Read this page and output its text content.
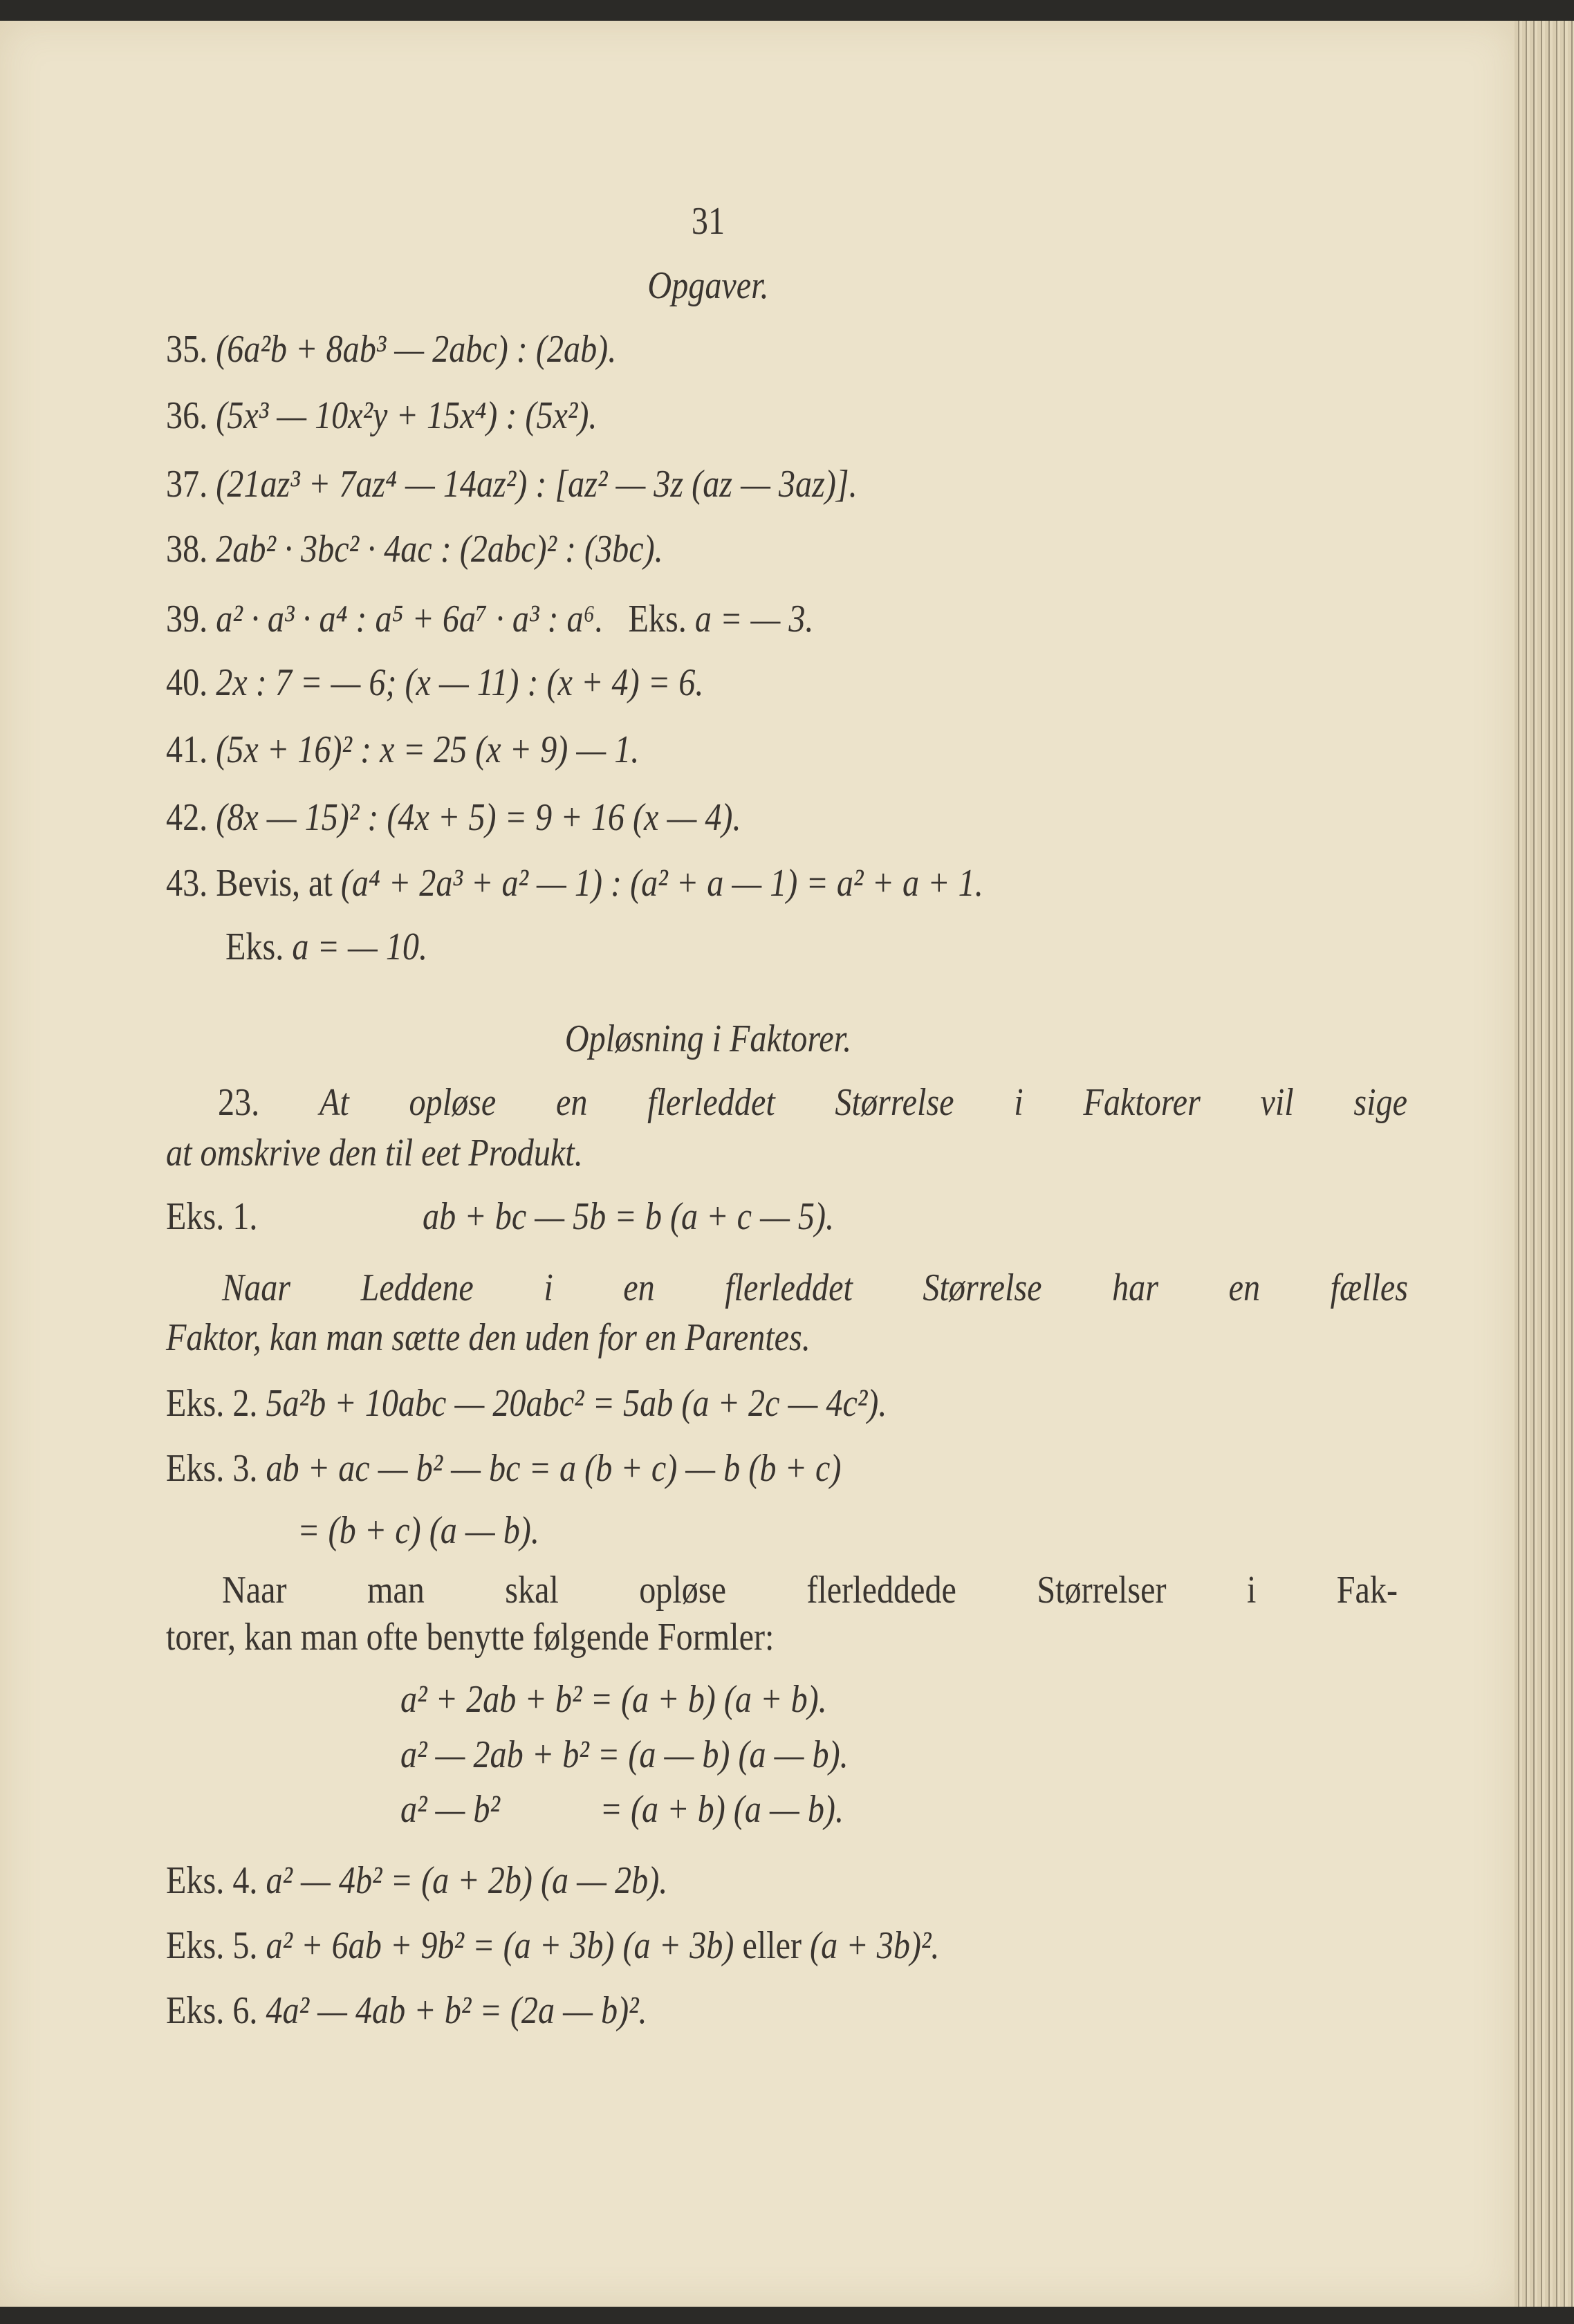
31
Opgaver.
35. (6a²b + 8ab³ — 2abc) : (2ab).
36. (5x³ — 10x²y + 15x⁴) : (5x²).
37. (21az³ + 7az⁴ — 14az²) : [az² — 3z (az — 3az)].
38. 2ab² · 3bc² · 4ac : (2abc)² : (3bc).
39. a² · a³ · a⁴ : a⁵ + 6a⁷ · a³ : a⁶.   Eks. a = — 3.
40. 2x : 7 = — 6; (x — 11) : (x + 4) = 6.
41. (5x + 16)² : x = 25 (x + 9) — 1.
42. (8x — 15)² : (4x + 5) = 9 + 16 (x — 4).
43. Bevis, at (a⁴ + 2a³ + a² — 1) : (a² + a — 1) = a² + a + 1.
Eks. a = — 10.
Opløsning i Faktorer.
23. At opløse en flerleddet Størrelse i Faktorer vil sige
at omskrive den til eet Produkt.
Eks. 1.	ab + bc — 5b = b (a + c — 5).
Naar Leddene i en flerleddet Størrelse har en fælles
Faktor, kan man sætte den uden for en Parentes.
Eks. 2. 5a²b + 10abc — 20abc² = 5ab (a + 2c — 4c²).
Eks. 3. ab + ac — b² — bc = a (b + c) — b (b + c)
= (b + c) (a — b).
Naar man skal opløse flerleddede Størrelser i Fak-
torer, kan man ofte benytte følgende Formler:
a² + 2ab + b² = (a + b) (a + b).
a² — 2ab + b² = (a — b) (a — b).
a² — b²            = (a + b) (a — b).
Eks. 4. a² — 4b² = (a + 2b) (a — 2b).
Eks. 5. a² + 6ab + 9b² = (a + 3b) (a + 3b) eller (a + 3b)².
Eks. 6. 4a² — 4ab + b² = (2a — b)².
